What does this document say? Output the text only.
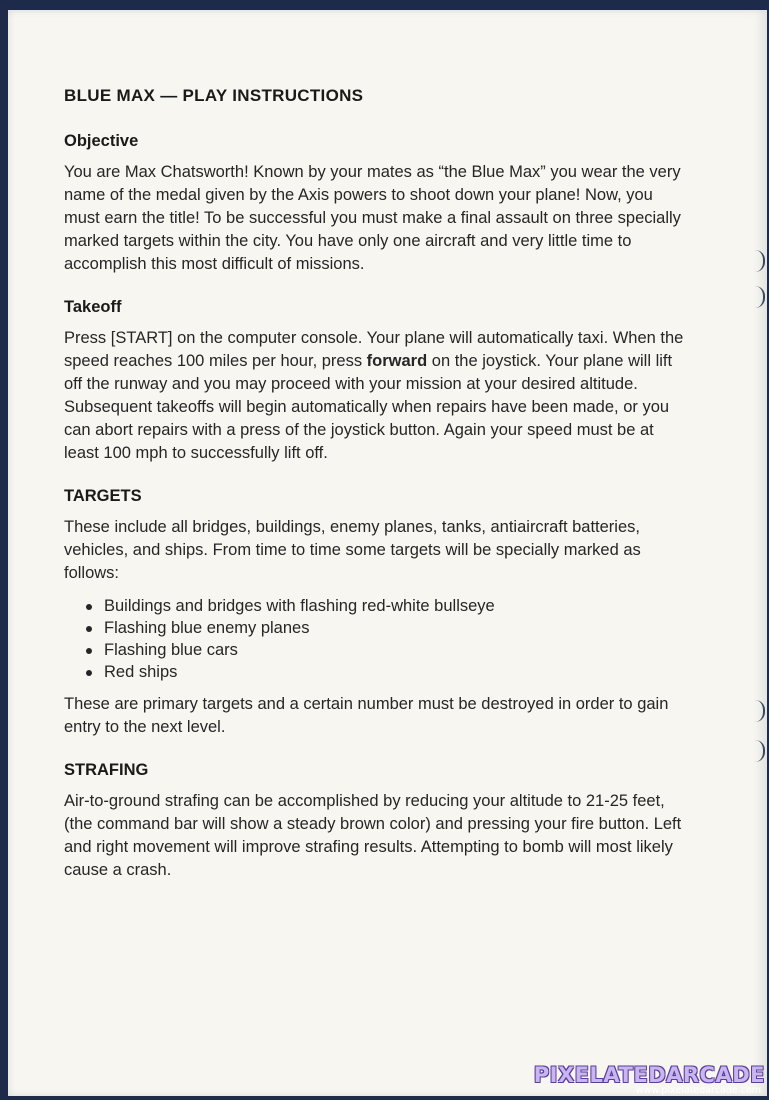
BLUE MAX — PLAY INSTRUCTIONS
Objective

You are Max Chatsworth! Known by your mates as “the Blue Max” you wear the very name of the medal given by the Axis powers to shoot down your plane! Now, you must earn the title! To be successful you must make a final assault on three specially marked targets within the city. You have only one aircraft and very little time to accomplish this most difficult of missions.

Takeoff

Press [START] on the computer console. Your plane will automatically taxi. When the speed reaches 100 miles per hour, press forward on the joystick. Your plane will lift off the runway and you may proceed with your mission at your desired altitude. Subsequent takeoffs will begin automatically when repairs have been made, or you can abort repairs with a press of the joystick button. Again your speed must be at least 100 mph to successfully lift off.

TARGETS

These include all bridges, buildings, enemy planes, tanks, antiaircraft batteries, vehicles, and ships. From time to time some targets will be specially marked as follows:

Buildings and bridges with flashing red-white bullseye
Flashing blue enemy planes
Flashing blue cars
Red ships

These are primary targets and a certain number must be destroyed in order to gain entry to the next level.

STRAFING

Air-to-ground strafing can be accomplished by reducing your altitude to 21-25 feet, (the command bar will show a steady brown color) and pressing your fire button. Left and right movement will improve strafing results. Attempting to bomb will most likely cause a crash.

PIXELATEDARCADE
www.pixelatedarcade.com
